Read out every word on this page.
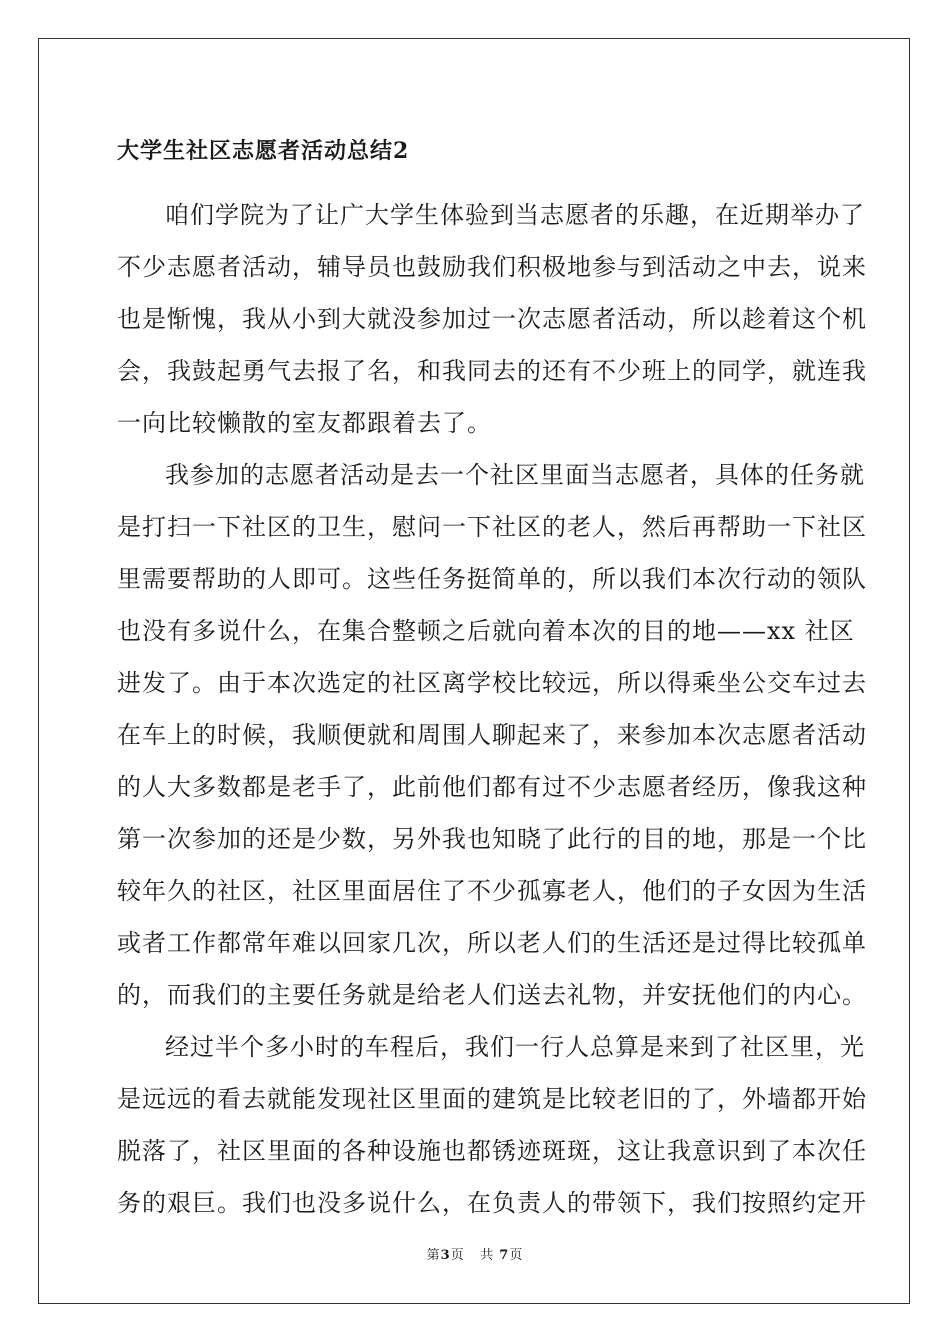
大学生社区志愿者活动总结2

咱们学院为了让广大学生体验到当志愿者的乐趣，在近期举办了

不少志愿者活动，辅导员也鼓励我们积极地参与到活动之中去，说来

也是惭愧，我从小到大就没参加过一次志愿者活动，所以趁着这个机

会，我鼓起勇气去报了名，和我同去的还有不少班上的同学，就连我

一向比较懒散的室友都跟着去了。

我参加的志愿者活动是去一个社区里面当志愿者，具体的任务就

是打扫一下社区的卫生，慰问一下社区的老人，然后再帮助一下社区

里需要帮助的人即可。这些任务挺简单的，所以我们本次行动的领队

也没有多说什么，在集合整顿之后就向着本次的目的地——xx 社区

进发了。由于本次选定的社区离学校比较远，所以得乘坐公交车过去

在车上的时候，我顺便就和周围人聊起来了，来参加本次志愿者活动

的人大多数都是老手了，此前他们都有过不少志愿者经历，像我这种

第一次参加的还是少数，另外我也知晓了此行的目的地，那是一个比

较年久的社区，社区里面居住了不少孤寡老人，他们的子女因为生活

或者工作都常年难以回家几次，所以老人们的生活还是过得比较孤单

的，而我们的主要任务就是给老人们送去礼物，并安抚他们的内心。

经过半个多小时的车程后，我们一行人总算是来到了社区里，光

是远远的看去就能发现社区里面的建筑是比较老旧的了，外墙都开始

脱落了，社区里面的各种设施也都锈迹斑斑，这让我意识到了本次任

务的艰巨。我们也没多说什么，在负责人的带领下，我们按照约定开

第3页 共 7页
